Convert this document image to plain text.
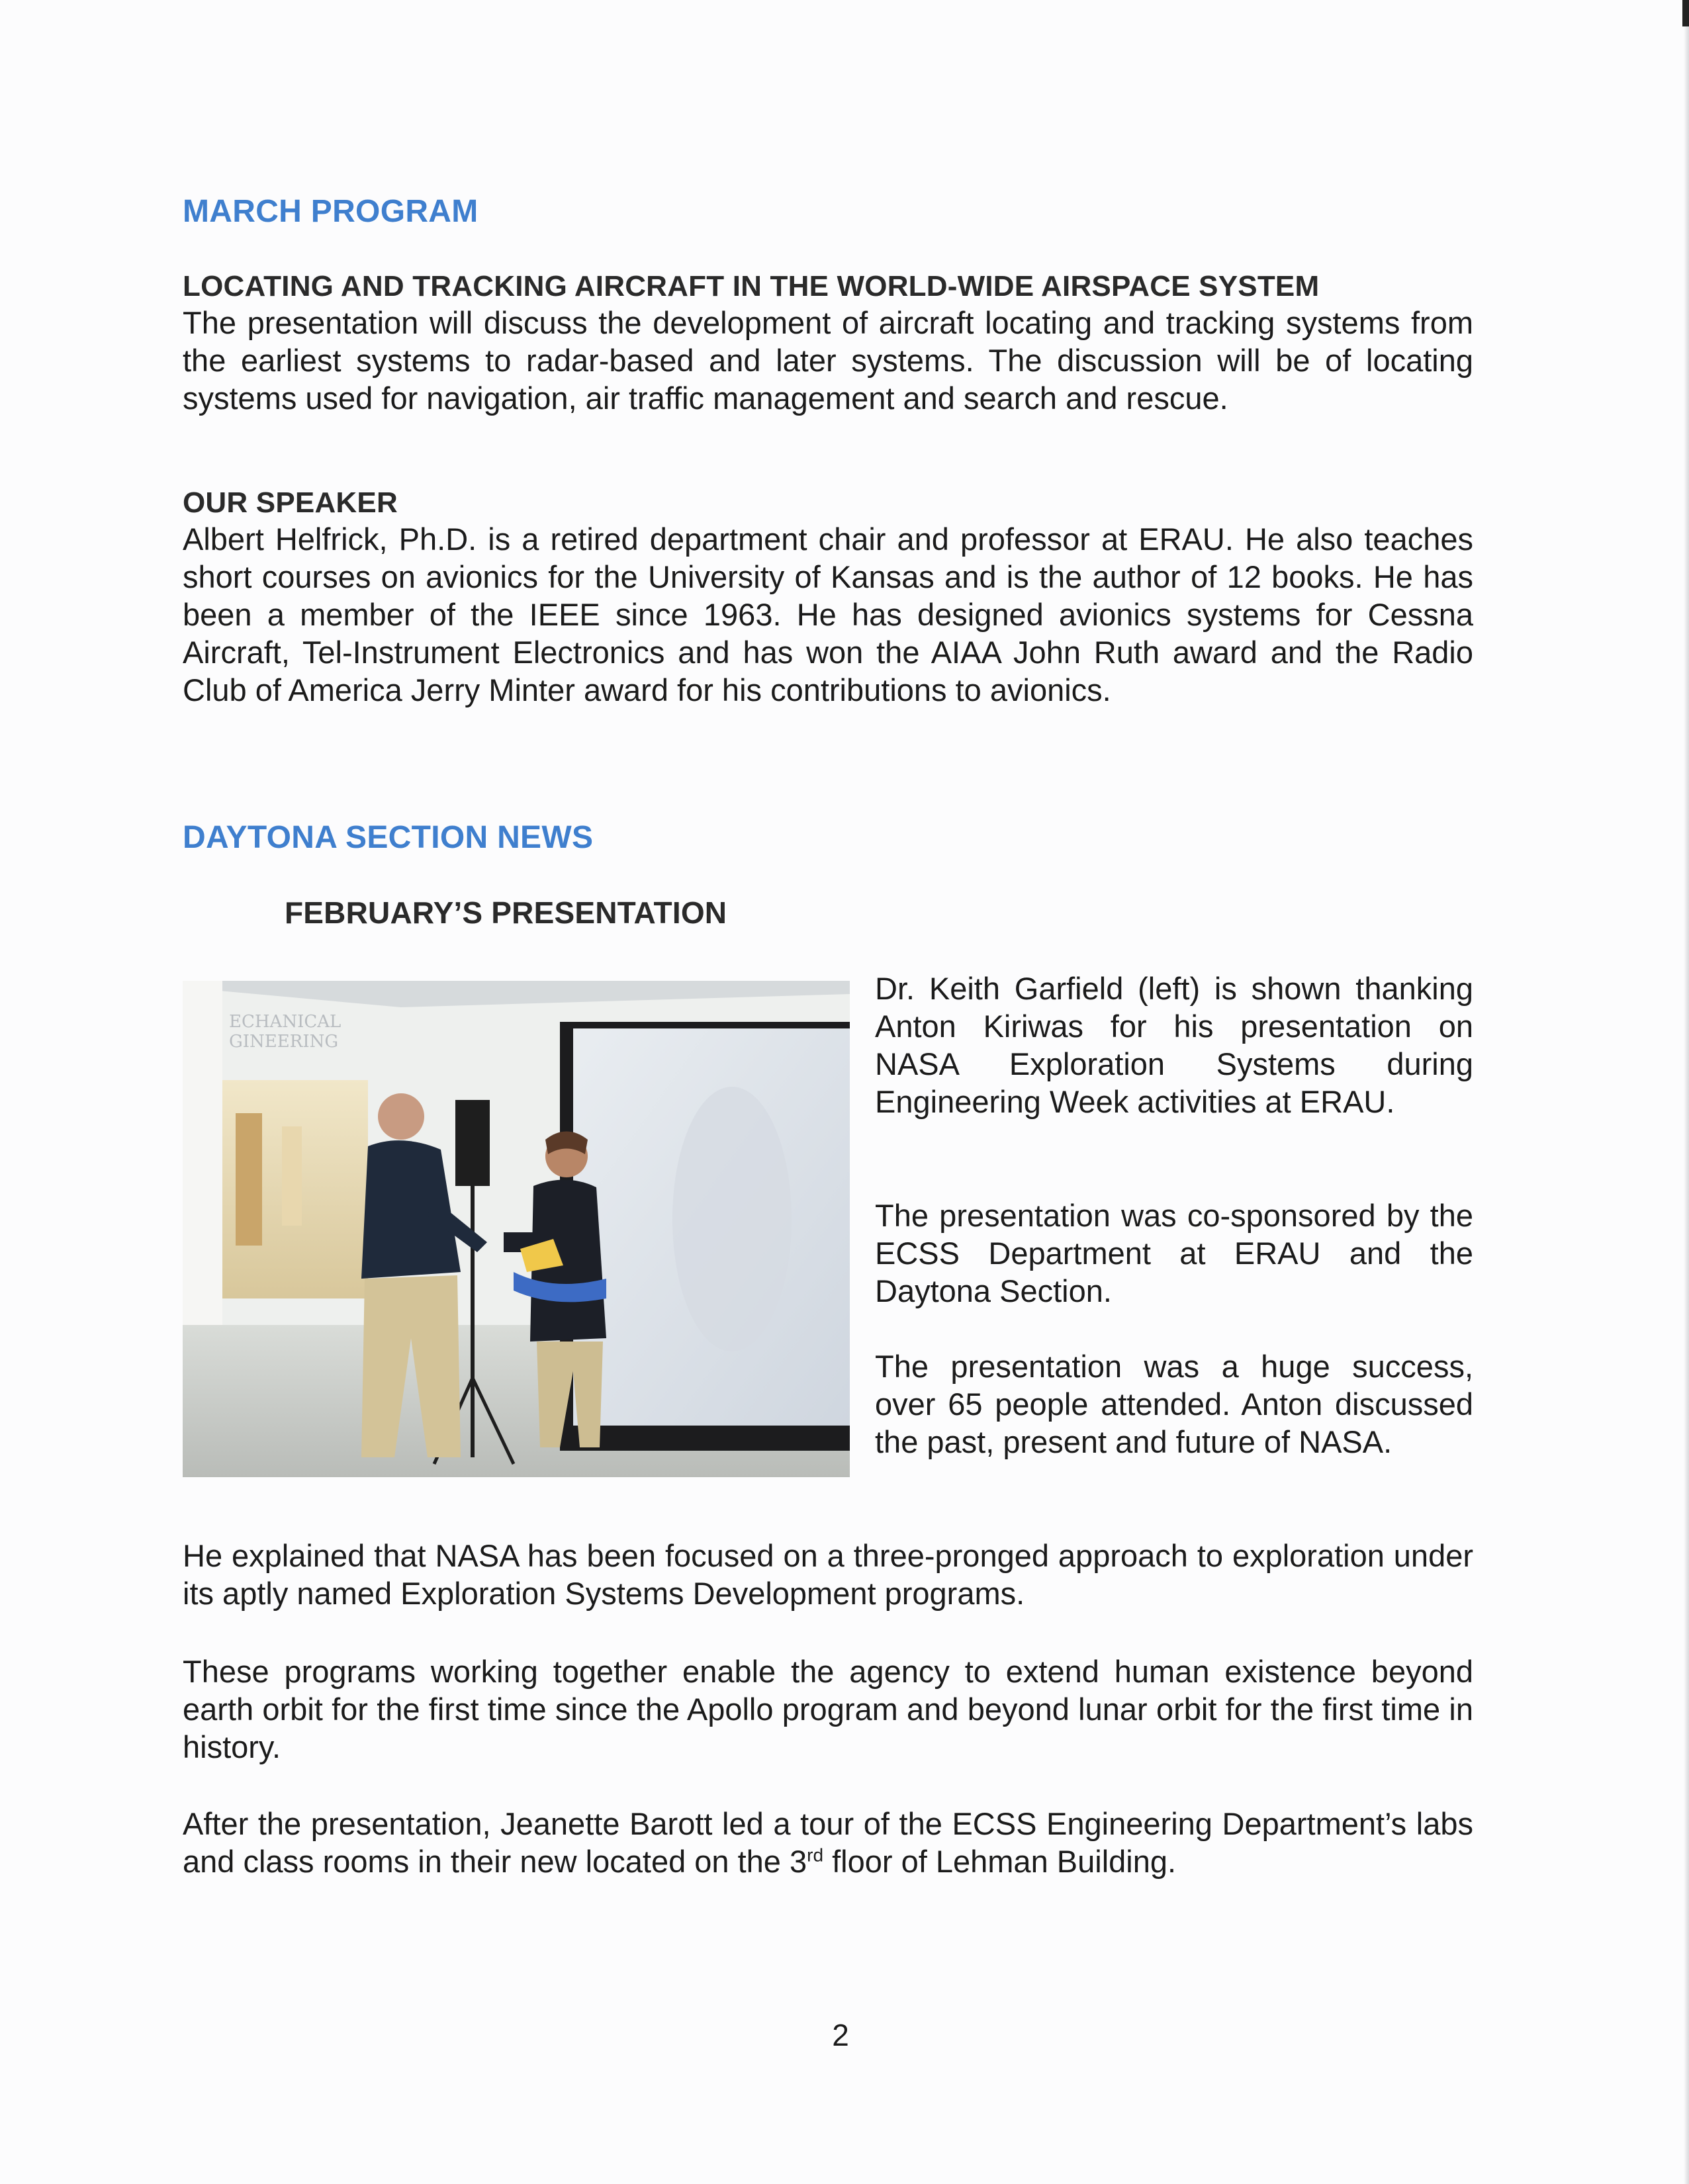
MARCH PROGRAM
LOCATING AND TRACKING AIRCRAFT IN THE WORLD-WIDE AIRSPACE SYSTEM

The presentation will discuss the development of aircraft locating and tracking systems from the earliest systems to radar-based and later systems. The discussion will be of locating systems used for navigation, air traffic management and search and rescue.

OUR SPEAKER

Albert Helfrick, Ph.D. is a retired department chair and professor at ERAU. He also teaches short courses on avionics for the University of Kansas and is the author of 12 books. He has been a member of the IEEE since 1963. He has designed avionics systems for Cessna Aircraft, Tel-Instrument Electronics and has won the AIAA John Ruth award and the Radio Club of America Jerry Minter award for his contributions to avionics.

DAYTONA SECTION NEWS
FEBRUARY’S PRESENTATION
ECHANICAL
GINEERING

Dr. Keith Garfield (left) is shown thanking Anton Kiriwas for his presentation on NASA Exploration Systems during Engineering Week activities at ERAU.

The presentation was co-sponsored by the ECSS Department at ERAU and the Daytona Section.

The presentation was a huge success, over 65 people attended. Anton discussed the past, present and future of NASA.

He explained that NASA has been focused on a three-pronged approach to exploration under its aptly named Exploration Systems Development programs.

These programs working together enable the agency to extend human existence beyond earth orbit for the first time since the Apollo program and beyond lunar orbit for the first time in history.

After the presentation, Jeanette Barott led a tour of the ECSS Engineering Department’s labs and class rooms in their new located on the 3rd floor of Lehman Building.

2
